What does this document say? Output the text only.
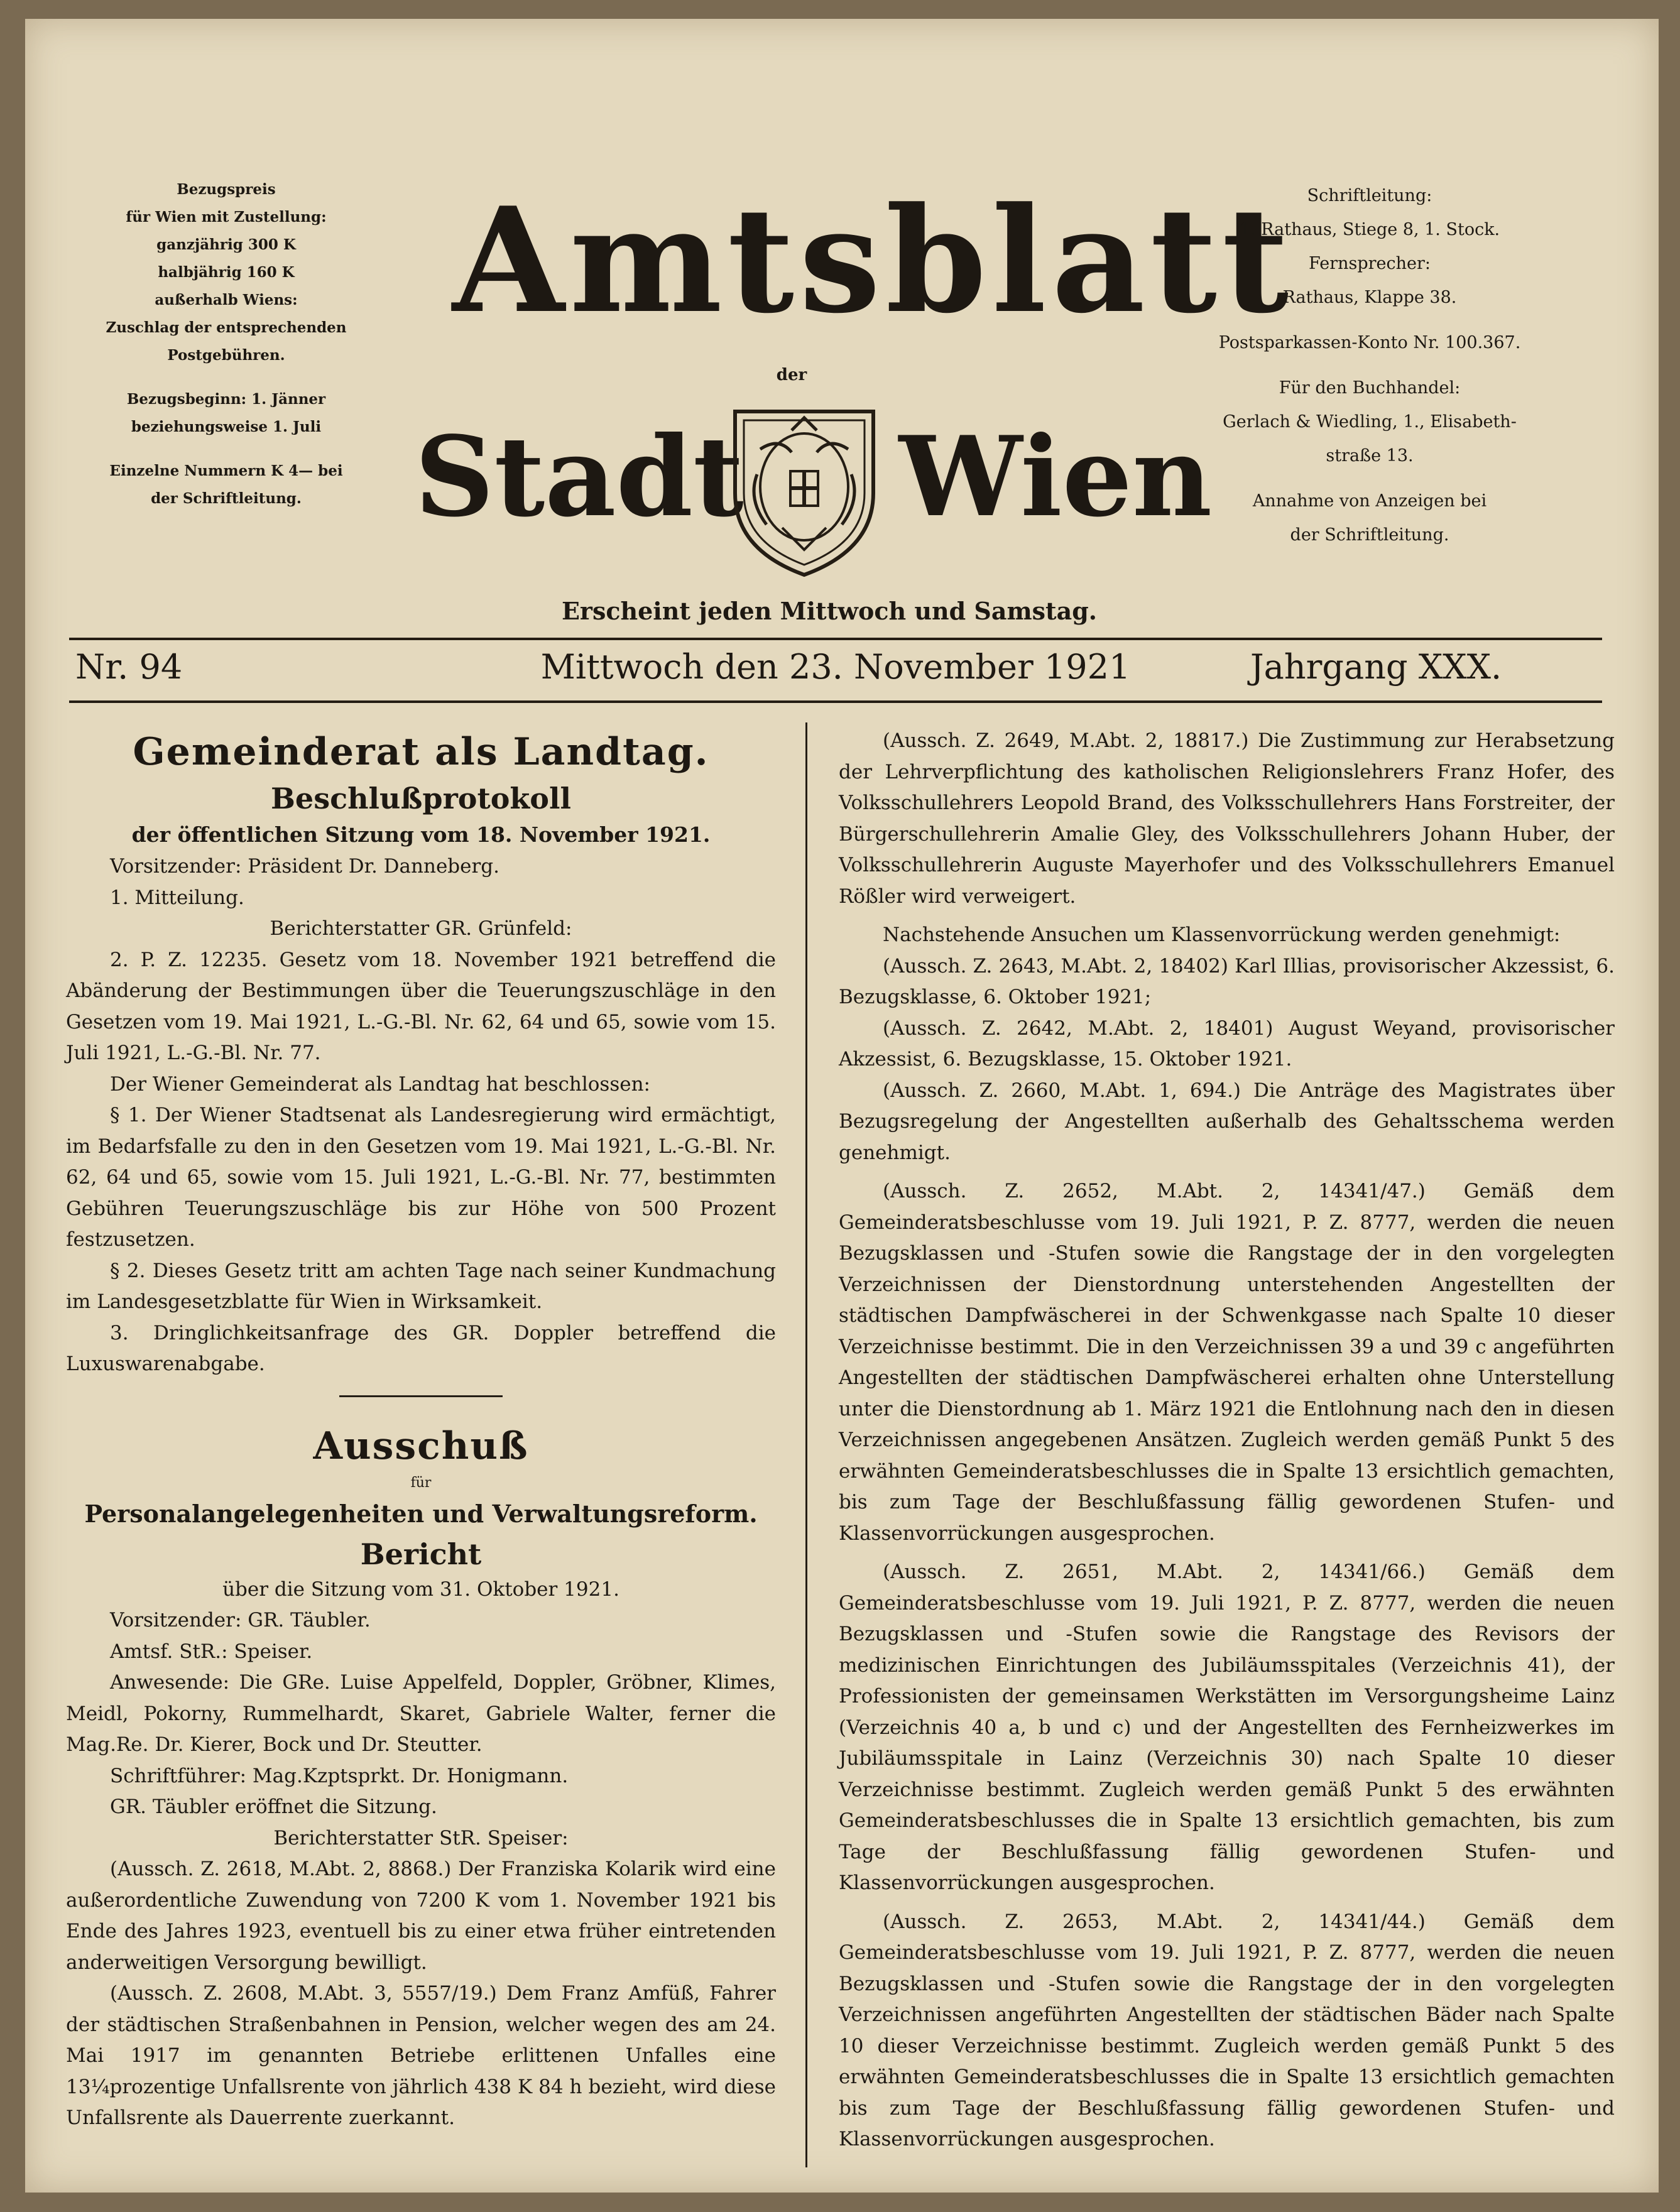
Bezugspreis
für Wien mit Zustellung:
ganzjährig 300 K
halbjährig 160 K
außerhalb Wiens:
Zuschlag der entsprechenden
Postgebühren.
Bezugsbeginn: 1. Jänner
beziehungsweise 1. Juli
Einzelne Nummern K 4— bei
der Schriftleitung.
Amtsblatt
der
Stadt Wien
Erscheint jeden Mittwoch und Samstag.
Schriftleitung:
1. Rathaus, Stiege 8, 1. Stock.
Fernsprecher:
Rathaus, Klappe 38.
Postsparkassen-Konto Nr. 100.367.
Für den Buchhandel:
Gerlach & Wiedling, 1., Elisabeth-
straße 13.
Annahme von Anzeigen bei
der Schriftleitung.
Nr. 94	Mittwoch den 23. November 1921	Jahrgang XXX.
Gemeinderat als Landtag.
Beschlußprotokoll
der öffentlichen Sitzung vom 18. November 1921.

Vorsitzender: Präsident Dr. Danneberg.

1. Mitteilung.

Berichterstatter GR. Grünfeld:

2. P. Z. 12235. Gesetz vom 18. November 1921 betreffend die Abänderung der Bestimmungen über die Teuerungszuschläge in den Gesetzen vom 19. Mai 1921, L.-G.-Bl. Nr. 62, 64 und 65, sowie vom 15. Juli 1921, L.-G.-Bl. Nr. 77.

Der Wiener Gemeinderat als Landtag hat beschlossen:

§ 1. Der Wiener Stadtsenat als Landesregierung wird ermächtigt, im Bedarfsfalle zu den in den Gesetzen vom 19. Mai 1921, L.-G.-Bl. Nr. 62, 64 und 65, sowie vom 15. Juli 1921, L.-G.-Bl. Nr. 77, bestimmten Gebühren Teuerungszuschläge bis zur Höhe von 500 Prozent festzusetzen.

§ 2. Dieses Gesetz tritt am achten Tage nach seiner Kundmachung im Landesgesetzblatte für Wien in Wirksamkeit.

3. Dringlichkeitsanfrage des GR. Doppler betreffend die Luxuswarenabgabe.

Ausschuß
für
Personalangelegenheiten und Verwaltungsreform.
Bericht

über die Sitzung vom 31. Oktober 1921.

Vorsitzender: GR. Täubler.

Amtsf. StR.: Speiser.

Anwesende: Die GRe. Luise Appelfeld, Doppler, Gröbner, Klimes, Meidl, Pokorny, Rummelhardt, Skaret, Gabriele Walter, ferner die Mag.Re. Dr. Kierer, Bock und Dr. Steutter.

Schriftführer: Mag.Kzptsprkt. Dr. Honigmann.

GR. Täubler eröffnet die Sitzung.

Berichterstatter StR. Speiser:

(Aussch. Z. 2618, M.Abt. 2, 8868.) Der Franziska Kolarik wird eine außerordentliche Zuwendung von 7200 K vom 1. November 1921 bis Ende des Jahres 1923, eventuell bis zu einer etwa früher eintretenden anderweitigen Versorgung bewilligt.

(Aussch. Z. 2608, M.Abt. 3, 5557/19.) Dem Franz Amfüß, Fahrer der städtischen Straßenbahnen in Pension, welcher wegen des am 24. Mai 1917 im genannten Betriebe erlittenen Unfalles eine 13¼prozentige Unfallsrente von jährlich 438 K 84 h bezieht, wird diese Unfallsrente als Dauerrente zuerkannt.

(Aussch. Z. 2649, M.Abt. 2, 18817.) Die Zustimmung zur Herabsetzung der Lehrverpflichtung des katholischen Religionslehrers Franz Hofer, des Volksschullehrers Leopold Brand, des Volksschullehrers Hans Forstreiter, der Bürgerschullehrerin Amalie Gley, des Volksschullehrers Johann Huber, der Volksschullehrerin Auguste Mayerhofer und des Volksschullehrers Emanuel Rößler wird verweigert.

Nachstehende Ansuchen um Klassenvorrückung werden genehmigt:

(Aussch. Z. 2643, M.Abt. 2, 18402) Karl Illias, provisorischer Akzessist, 6. Bezugsklasse, 6. Oktober 1921;

(Aussch. Z. 2642, M.Abt. 2, 18401) August Weyand, provisorischer Akzessist, 6. Bezugsklasse, 15. Oktober 1921.

(Aussch. Z. 2660, M.Abt. 1, 694.) Die Anträge des Magistrates über Bezugsregelung der Angestellten außerhalb des Gehaltsschema werden genehmigt.

(Aussch. Z. 2652, M.Abt. 2, 14341/47.) Gemäß dem Gemeinderatsbeschlusse vom 19. Juli 1921, P. Z. 8777, werden die neuen Bezugsklassen und -Stufen sowie die Rangstage der in den vorgelegten Verzeichnissen der Dienstordnung unterstehenden Angestellten der städtischen Dampfwäscherei in der Schwenkgasse nach Spalte 10 dieser Verzeichnisse bestimmt. Die in den Verzeichnissen 39 a und 39 c angeführten Angestellten der städtischen Dampfwäscherei erhalten ohne Unterstellung unter die Dienstordnung ab 1. März 1921 die Entlohnung nach den in diesen Verzeichnissen angegebenen Ansätzen. Zugleich werden gemäß Punkt 5 des erwähnten Gemeinderatsbeschlusses die in Spalte 13 ersichtlich gemachten, bis zum Tage der Beschlußfassung fällig gewordenen Stufen- und Klassenvorrückungen ausgesprochen.

(Aussch. Z. 2651, M.Abt. 2, 14341/66.) Gemäß dem Gemeinderatsbeschlusse vom 19. Juli 1921, P. Z. 8777, werden die neuen Bezugsklassen und -Stufen sowie die Rangstage des Revisors der medizinischen Einrichtungen des Jubiläumsspitales (Verzeichnis 41), der Professionisten der gemeinsamen Werkstätten im Versorgungsheime Lainz (Verzeichnis 40 a, b und c) und der Angestellten des Fernheizwerkes im Jubiläumsspitale in Lainz (Verzeichnis 30) nach Spalte 10 dieser Verzeichnisse bestimmt. Zugleich werden gemäß Punkt 5 des erwähnten Gemeinderatsbeschlusses die in Spalte 13 ersichtlich gemachten, bis zum Tage der Beschlußfassung fällig gewordenen Stufen- und Klassenvorrückungen ausgesprochen.

(Aussch. Z. 2653, M.Abt. 2, 14341/44.) Gemäß dem Gemeinderatsbeschlusse vom 19. Juli 1921, P. Z. 8777, werden die neuen Bezugsklassen und -Stufen sowie die Rangstage der in den vorgelegten Verzeichnissen angeführten Angestellten der städtischen Bäder nach Spalte 10 dieser Verzeichnisse bestimmt. Zugleich werden gemäß Punkt 5 des erwähnten Gemeinderatsbeschlusses die in Spalte 13 ersichtlich gemachten bis zum Tage der Beschlußfassung fällig gewordenen Stufen- und Klassenvorrückungen ausgesprochen.
